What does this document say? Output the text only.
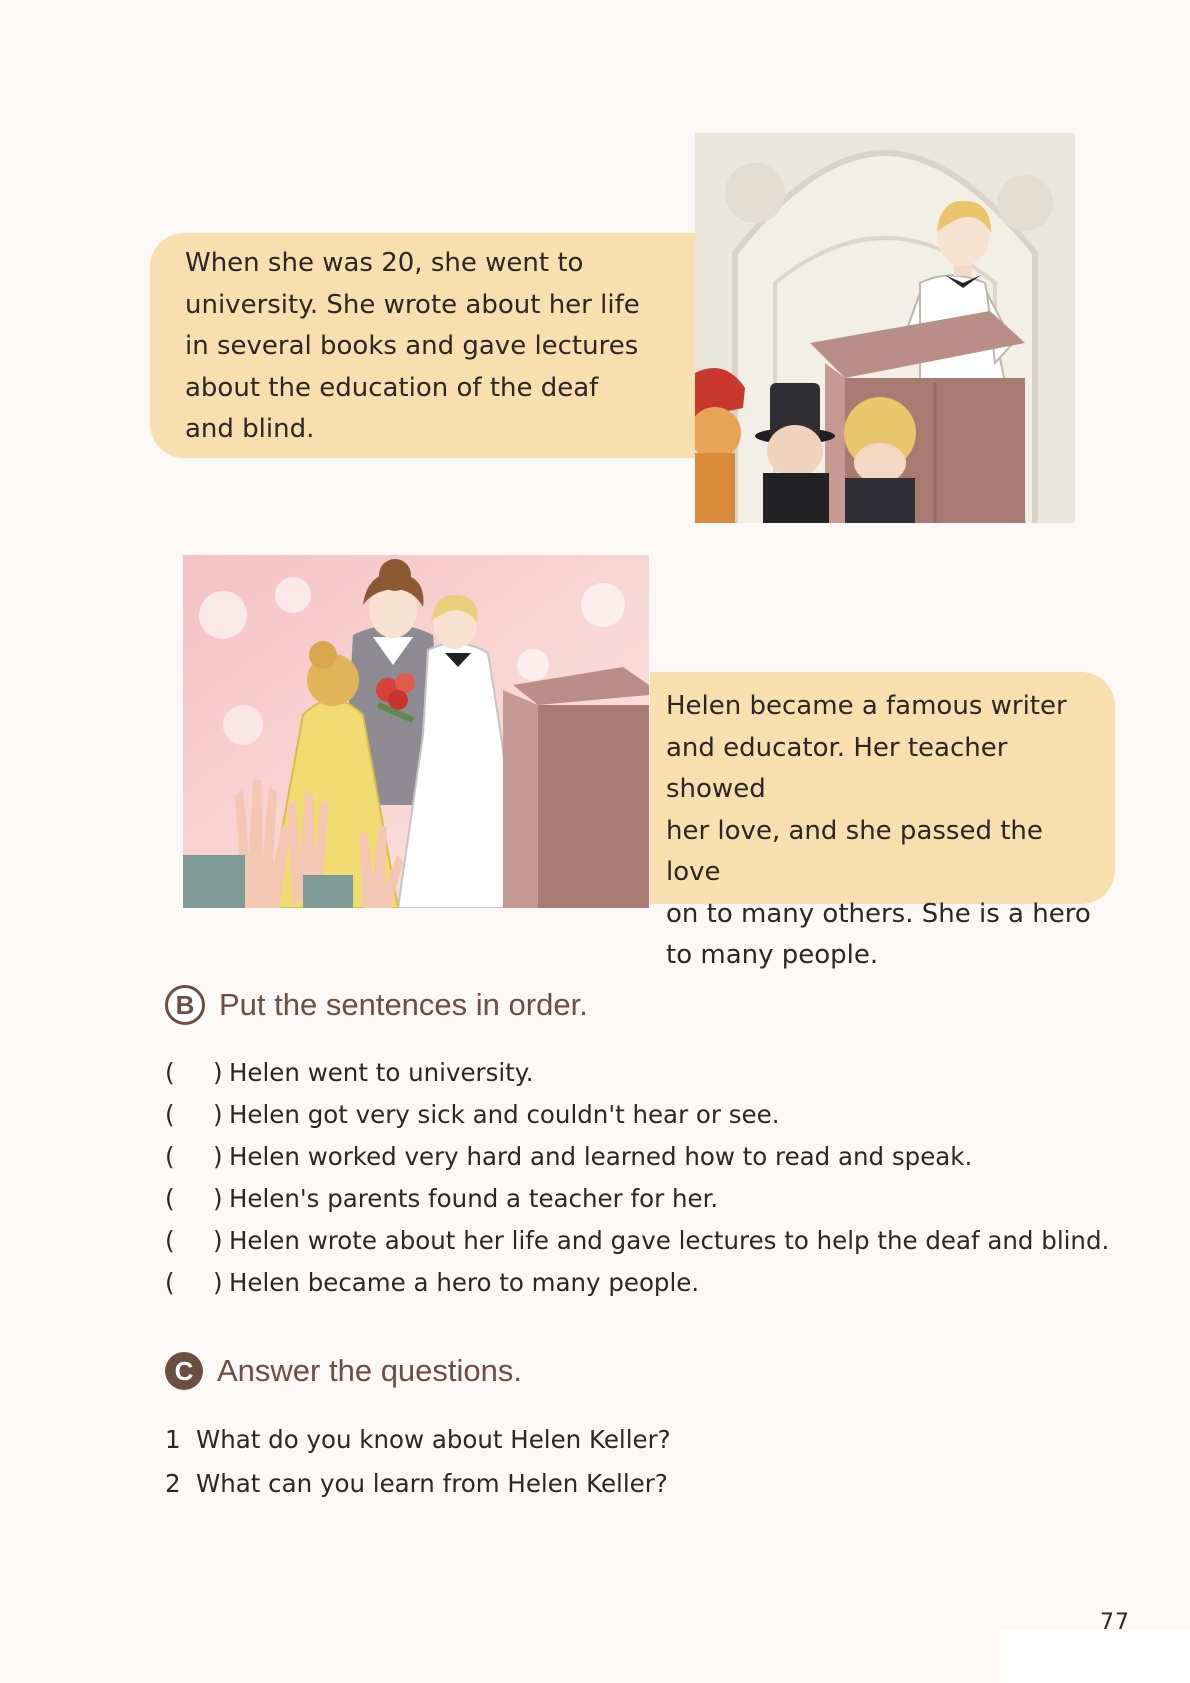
When she was 20, she went to

university. She wrote about her life

in several books and gave lectures

about the education of the deaf

and blind.

Helen became a famous writer

and educator. Her teacher showed

her love, and she passed the love

on to many others. She is a hero

to many people.

B Put the sentences in order.
(	) Helen went to university.
(	) Helen got very sick and couldn't hear or see.
(	) Helen worked very hard and learned how to read and speak.
(	) Helen's parents found a teacher for her.
(	) Helen wrote about her life and gave lectures to help the deaf and blind.
(	) Helen became a hero to many people.
C Answer the questions.
1 What do you know about Helen Keller?
2 What can you learn from Helen Keller?
77
